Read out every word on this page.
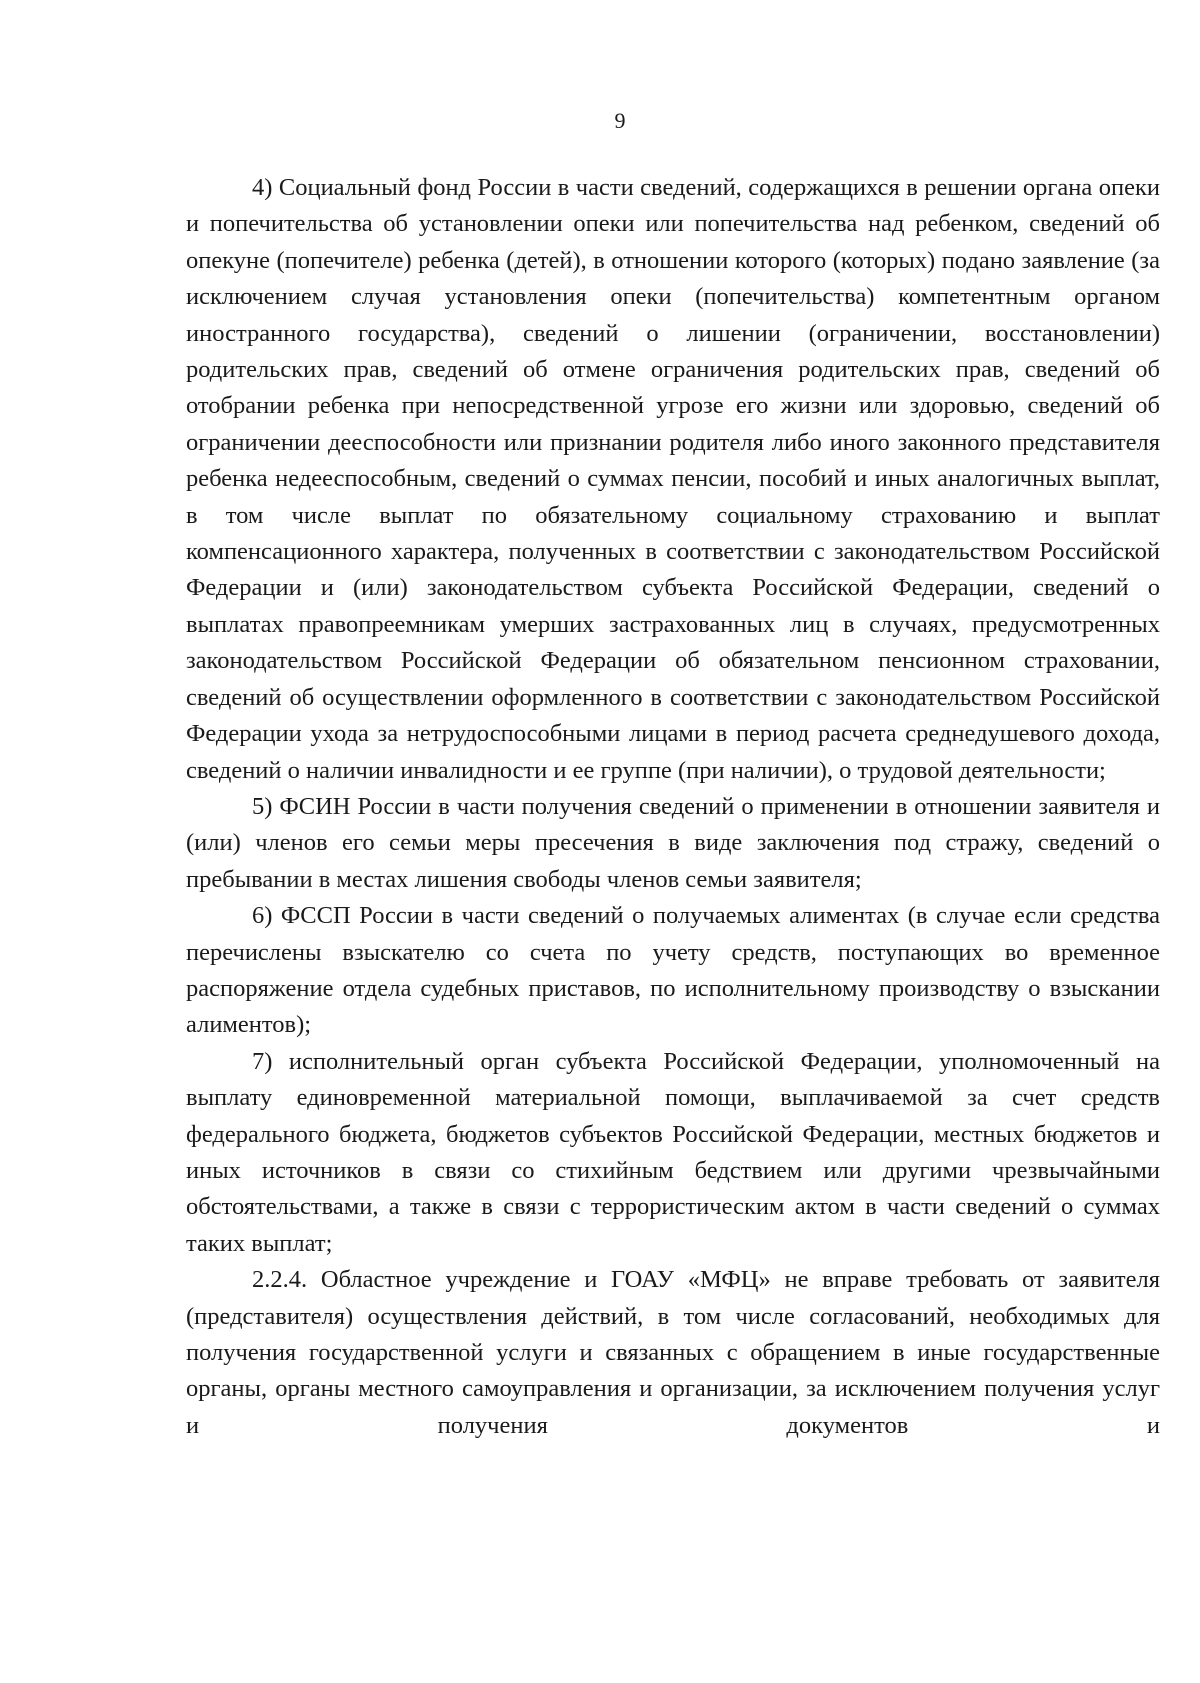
9

4) Социальный фонд России в части сведений, содержащихся в решении органа опеки и попечительства об установлении опеки или попечительства над ребенком, сведений об опекуне (попечителе) ребенка (детей), в отношении которого (которых) подано заявление (за исключением случая установления опеки (попечительства) компетентным органом иностранного государства), сведений о лишении (ограничении, восстановлении) родительских прав, сведений об отмене ограничения родительских прав, сведений об отобрании ребенка при непосредственной угрозе его жизни или здоровью, сведений об ограничении дееспособности или признании родителя либо иного законного представителя ребенка недееспособным, сведений о суммах пенсии, пособий и иных аналогичных выплат, в том числе выплат по обязательному социальному страхованию и выплат компенсационного характера, полученных в соответствии с законодательством Российской Федерации и (или) законодательством субъекта Российской Федерации, сведений о выплатах правопреемникам умерших застрахованных лиц в случаях, предусмотренных законодательством Российской Федерации об обязательном пенсионном страховании, сведений об осуществлении оформленного в соответствии с законодательством Российской Федерации ухода за нетрудоспособными лицами в период расчета среднедушевого дохода, сведений о наличии инвалидности и ее группе (при наличии), о трудовой деятельности;

5) ФСИН России в части получения сведений о применении в отношении заявителя и (или) членов его семьи меры пресечения в виде заключения под стражу, сведений о пребывании в местах лишения свободы членов семьи заявителя;

6) ФССП России в части сведений о получаемых алиментах (в случае если средства перечислены взыскателю со счета по учету средств, поступающих во временное распоряжение отдела судебных приставов, по исполнительному производству о взыскании алиментов);

7) исполнительный орган субъекта Российской Федерации, уполномоченный на выплату единовременной материальной помощи, выплачиваемой за счет средств федерального бюджета, бюджетов субъектов Российской Федерации, местных бюджетов и иных источников в связи со стихийным бедствием или другими чрезвычайными обстоятельствами, а также в связи с террористическим актом в части сведений о суммах таких выплат;

2.2.4. Областное учреждение и ГОАУ «МФЦ» не вправе требовать от заявителя (представителя) осуществления действий, в том числе согласований, необходимых для получения государственной услуги и связанных с обращением в иные государственные органы, органы местного самоуправления и организации, за исключением получения услуг и получения документов и
